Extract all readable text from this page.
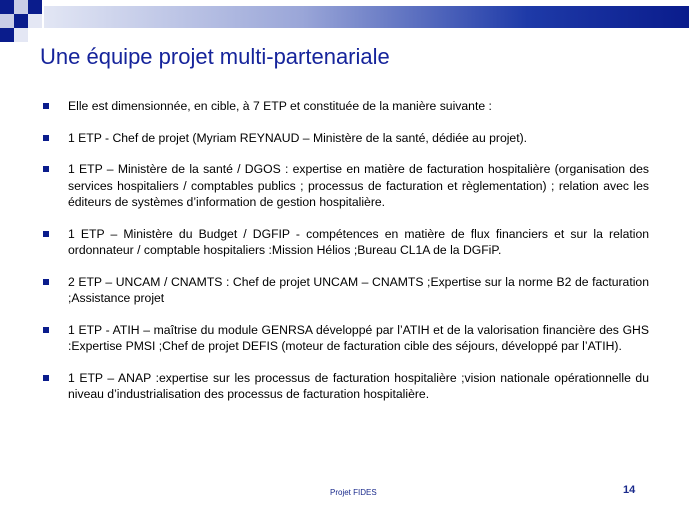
Une équipe projet multi-partenariale
Elle est dimensionnée, en cible, à 7 ETP et constituée de la manière suivante :
1 ETP - Chef de projet (Myriam REYNAUD – Ministère de la santé, dédiée au projet).
1 ETP – Ministère de la santé / DGOS : expertise en matière de facturation hospitalière (organisation des services hospitaliers / comptables publics ; processus de facturation et règlementation) ; relation avec les éditeurs de systèmes d’information de gestion hospitalière.
1 ETP – Ministère du Budget / DGFIP - compétences en matière de flux financiers et sur la relation ordonnateur / comptable hospitaliers :Mission Hélios ;Bureau CL1A de la DGFiP.
2 ETP – UNCAM / CNAMTS : Chef de projet UNCAM – CNAMTS ;Expertise sur la norme B2 de facturation ;Assistance projet
1 ETP - ATIH – maîtrise du module GENRSA développé par l’ATIH et de la valorisation financière des GHS :Expertise PMSI ;Chef de projet DEFIS (moteur de facturation cible des séjours, développé par l’ATIH).
1 ETP – ANAP :expertise sur les processus de facturation hospitalière ;vision nationale opérationnelle du niveau d’industrialisation des processus de facturation hospitalière.
Projet FIDES	14
